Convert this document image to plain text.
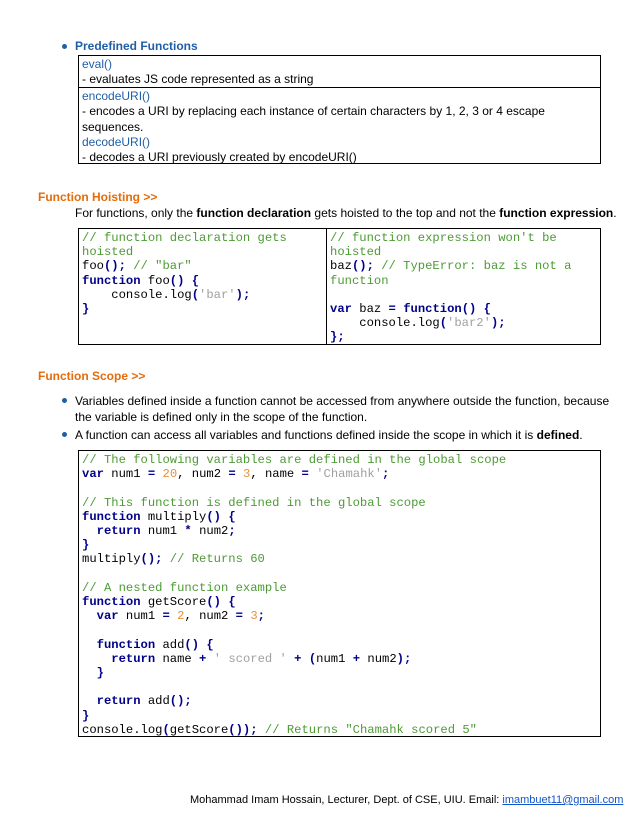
Predefined Functions
eval()
- evaluates JS code represented as a string
encodeURI()
- encodes a URI by replacing each instance of certain characters by 1, 2, 3 or 4 escape sequences.
decodeURI()
- decodes a URI previously created by encodeURI()
Function Hoisting >>
For functions, only the function declaration gets hoisted to the top and not the function expression.
// function declaration gets
hoisted
foo(); // "bar"
function foo() {
console.log('bar');
}
// function expression won't be
hoisted
baz(); // TypeError: baz is not a
function

var baz = function() {
console.log('bar2');
};
Function Scope >>
Variables defined inside a function cannot be accessed from anywhere outside the function, because
the variable is defined only in the scope of the function.
A function can access all variables and functions defined inside the scope in which it is defined.
// The following variables are defined in the global scope
var num1 = 20, num2 = 3, name = 'Chamahk';

// This function is defined in the global scope
function multiply() {
return num1 * num2;
}
multiply(); // Returns 60

// A nested function example
function getScore() {
var num1 = 2, num2 = 3;

function add() {
return name + ' scored ' + (num1 + num2);
}

return add();
}
console.log(getScore()); // Returns "Chamahk scored 5"
Mohammad Imam Hossain, Lecturer, Dept. of CSE, UIU. Email: imambuet11@gmail.com
